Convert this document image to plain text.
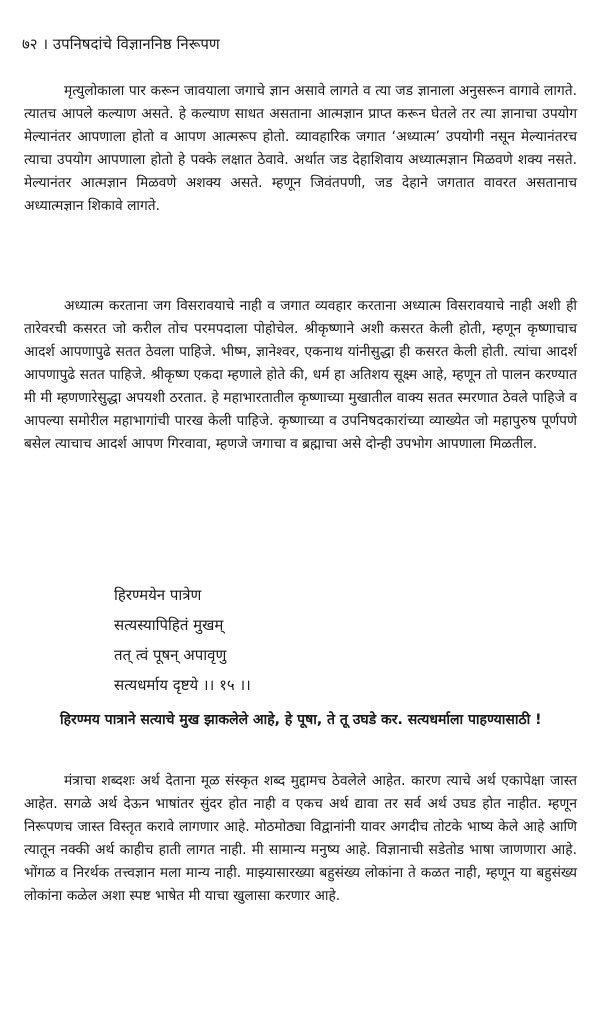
७२ । उपनिषदांचे विज्ञाननिष्ठ निरूपण

मृत्युलोकाला पार करून जावयाला जगाचे ज्ञान असावे लागते व त्या जड ज्ञानाला अनुसरून वागावे लागते. त्यातच आपले कल्याण असते. हे कल्याण साधत असताना आत्मज्ञान प्राप्त करून घेतले तर त्या ज्ञानाचा उपयोग मेल्यानंतर आपणाला होतो व आपण आत्मरूप होतो. व्यावहारिक जगात ‘अध्यात्म’ उपयोगी नसून मेल्यानंतरच त्याचा उपयोग आपणाला होतो हे पक्के लक्षात ठेवावे. अर्थात जड देहाशिवाय अध्यात्मज्ञान मिळवणे शक्य नसते. मेल्यानंतर आत्मज्ञान मिळवणे अशक्य असते. म्हणून जिवंतपणी, जड देहाने जगतात वावरत असतानाच अध्यात्मज्ञान शिकावे लागते.

अध्यात्म करताना जग विसरावयाचे नाही व जगात व्यवहार करताना अध्यात्म विसरावयाचे नाही अशी ही तारेवरची कसरत जो करील तोच परमपदाला पोहोचेल. श्रीकृष्णाने अशी कसरत केली होती, म्हणून कृष्णाचाच आदर्श आपणापुढे सतत ठेवला पाहिजे. भीष्म, ज्ञानेश्वर, एकनाथ यांनीसुद्धा ही कसरत केली होती. त्यांचा आदर्श आपणापुढे सतत पाहिजे. श्रीकृष्ण एकदा म्हणाले होते की, धर्म हा अतिशय सूक्ष्म आहे, म्हणून तो पालन करण्यात मी मी म्हणणारेसुद्धा अपयशी ठरतात. हे महाभारतातील कृष्णाच्या मुखातील वाक्य सतत स्मरणात ठेवले पाहिजे व आपल्या समोरील महाभागांची पारख केली पाहिजे. कृष्णाच्या व उपनिषदकारांच्या व्याख्येत जो महापुरुष पूर्णपणे बसेल त्याचाच आदर्श आपण गिरवावा, म्हणजे जगाचा व ब्रह्माचा असे दोन्ही उपभोग आपणाला मिळतील.

हिरण्मयेन पात्रेण
सत्यस्यापिहितं मुखम्
तत् त्वं पूषन् अपावृणु
सत्यधर्माय दृष्टये ।। १५ ।।

हिरण्मय पात्राने सत्याचे मुख झाकलेले आहे, हे पूषा, ते तू उघडे कर. सत्यधर्माला पाहण्यासाठी !

मंत्राचा शब्दशः अर्थ देताना मूळ संस्कृत शब्द मुद्दामच ठेवलेले आहेत. कारण त्याचे अर्थ एकापेक्षा जास्त आहेत. सगळे अर्थ देऊन भाषांतर सुंदर होत नाही व एकच अर्थ द्यावा तर सर्व अर्थ उघड होत नाहीत. म्हणून निरूपणच जास्त विस्तृत करावे लागणार आहे. मोठमोठ्या विद्वानांनी यावर अगदीच तोटके भाष्य केले आहे आणि त्यातून नक्की अर्थ काहीच हाती लागत नाही. मी सामान्य मनुष्य आहे. विज्ञानाची सडेतोड भाषा जाणणारा आहे. भोंगळ व निरर्थक तत्त्वज्ञान मला मान्य नाही. माझ्यासारख्या बहुसंख्य लोकांना ते कळत नाही, म्हणून या बहुसंख्य लोकांना कळेल अशा स्पष्ट भाषेत मी याचा खुलासा करणार आहे.
